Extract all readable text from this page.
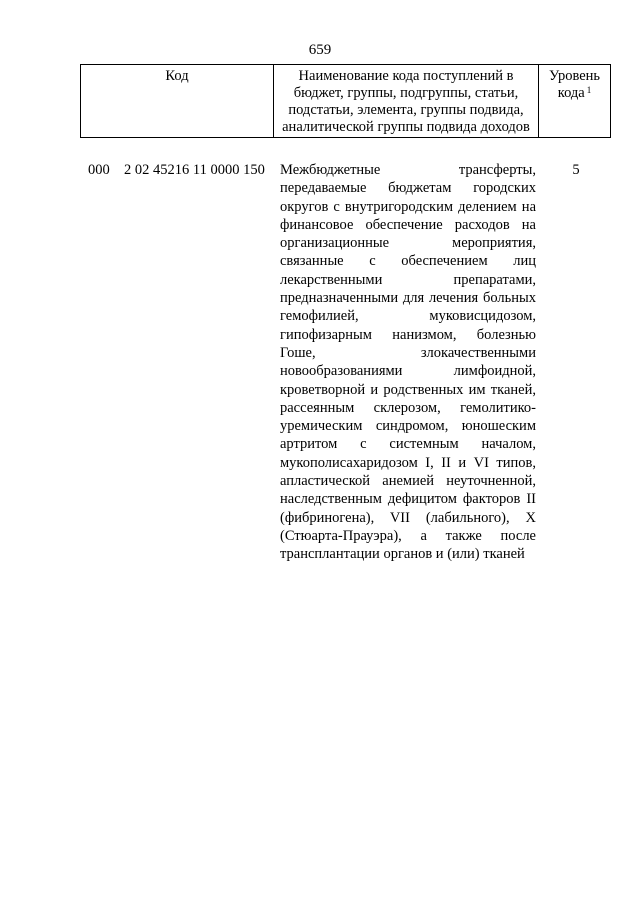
659
Код	Наименование кода поступлений в бюджет, группы, подгруппы, статьи, подстатьи, элемента, группы подвида, аналитической группы подвида доходов
Уровень кода $^1$
000 2 02 45216 11 0000 150	Межбюджетные трансферты, передаваемые бюджетам городских округов с внутригородским делением на финансовое обеспечение расходов на организационные мероприятия, связанные с обеспечением лиц лекарственными препаратами, предназначенными для лечения больных гемофилией, муковисцидозом, гипофизарным нанизмом, болезнью Гоше, злокачественными новообразованиями лимфоидной, кроветворной и родственных им тканей, рассеянным склерозом, гемолитико-уремическим синдромом, юношеским артритом с системным началом, мукополисахаридозом I, II и VI типов, апластической анемией неуточненной, наследственным дефицитом факторов II (фибриногена), VII (лабильного), X (Стюарта-Прауэра), а также после трансплантации органов и (или) тканей
5
